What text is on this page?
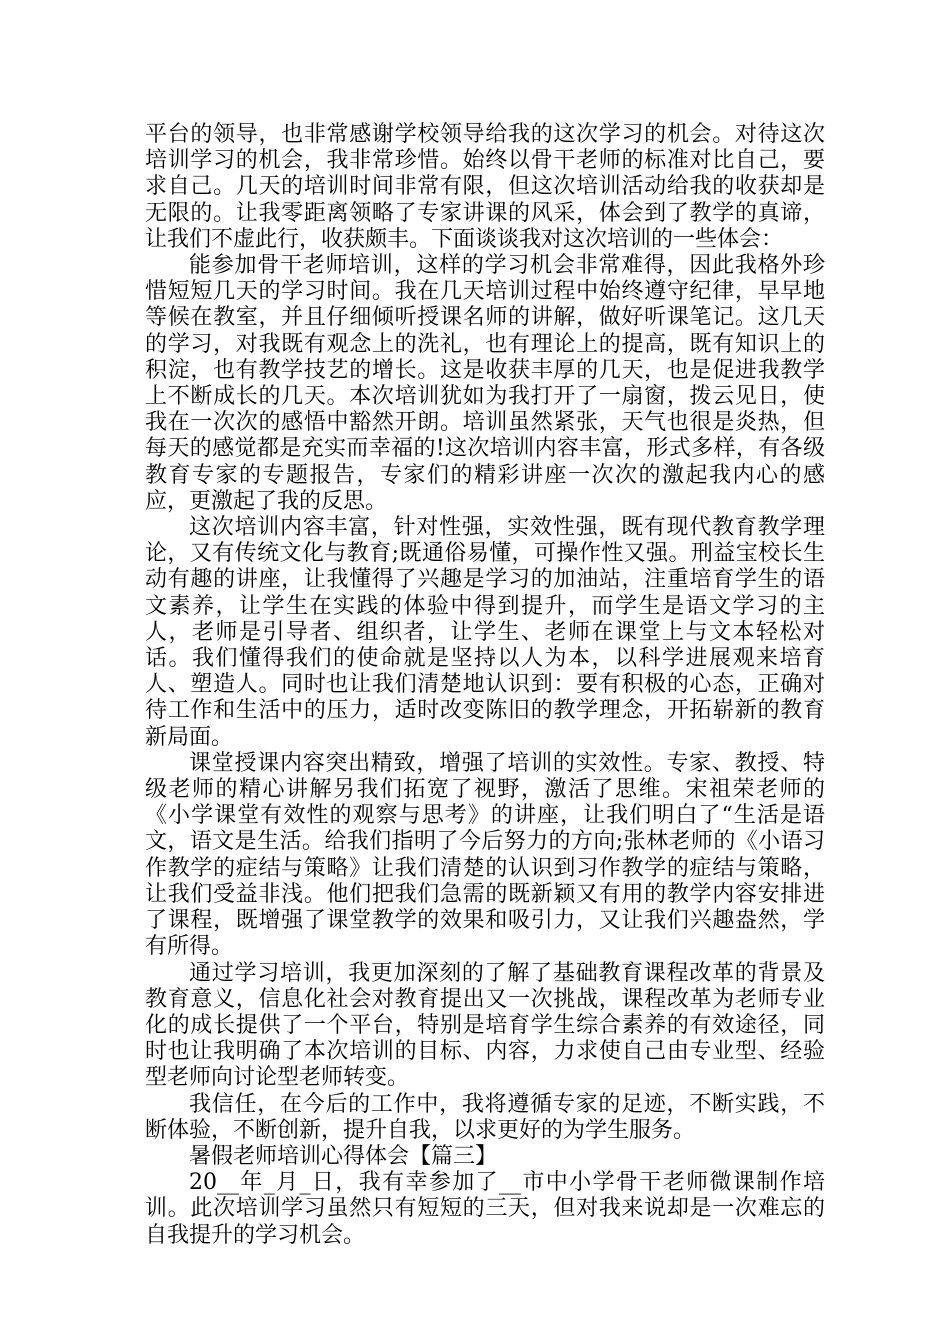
平台的领导，也非常感谢学校领导给我的这次学习的机会。对待这次培训学习的机会，我非常珍惜。始终以骨干老师的标准对比自己，要求自己。几天的培训时间非常有限，但这次培训活动给我的收获却是无限的。让我零距离领略了专家讲课的风采，体会到了教学的真谛，让我们不虚此行，收获颇丰。下面谈谈我对这次培训的一些体会：

能参加骨干老师培训，这样的学习机会非常难得，因此我格外珍惜短短几天的学习时间。我在几天培训过程中始终遵守纪律，早早地等候在教室，并且仔细倾听授课名师的讲解，做好听课笔记。这几天的学习，对我既有观念上的洗礼，也有理论上的提高，既有知识上的积淀，也有教学技艺的增长。这是收获丰厚的几天，也是促进我教学上不断成长的几天。本次培训犹如为我打开了一扇窗，拨云见日，使我在一次次的感悟中豁然开朗。培训虽然紧张，天气也很是炎热，但每天的感觉都是充实而幸福的!这次培训内容丰富，形式多样，有各级教育专家的专题报告，专家们的精彩讲座一次次的激起我内心的感应，更激起了我的反思。

这次培训内容丰富，针对性强，实效性强，既有现代教育教学理论，又有传统文化与教育;既通俗易懂，可操作性又强。刑益宝校长生动有趣的讲座，让我懂得了兴趣是学习的加油站，注重培育学生的语文素养，让学生在实践的体验中得到提升，而学生是语文学习的主人，老师是引导者、组织者，让学生、老师在课堂上与文本轻松对话。我们懂得我们的使命就是坚持以人为本，以科学进展观来培育人、塑造人。同时也让我们清楚地认识到：要有积极的心态，正确对待工作和生活中的压力，适时改变陈旧的教学理念，开拓崭新的教育新局面。

课堂授课内容突出精致，增强了培训的实效性。专家、教授、特级老师的精心讲解另我们拓宽了视野，激活了思维。宋祖荣老师的《小学课堂有效性的观察与思考》的讲座，让我们明白了“生活是语文，语文是生活。给我们指明了今后努力的方向;张林老师的《小语习作教学的症结与策略》让我们清楚的认识到习作教学的症结与策略，让我们受益非浅。他们把我们急需的既新颖又有用的教学内容安排进了课程，既增强了课堂教学的效果和吸引力，又让我们兴趣盎然，学有所得。

通过学习培训，我更加深刻的了解了基础教育课程改革的背景及教育意义，信息化社会对教育提出又一次挑战，课程改革为老师专业化的成长提供了一个平台，特别是培育学生综合素养的有效途径，同时也让我明确了本次培训的目标、内容，力求使自己由专业型、经验型老师向讨论型老师转变。

我信任，在今后的工作中，我将遵循专家的足迹，不断实践，不断体验，不断创新，提升自我，以求更好的为学生服务。

暑假老师培训心得体会【篇三】

20__年_月_日，我有幸参加了__市中小学骨干老师微课制作培训。此次培训学习虽然只有短短的三天，但对我来说却是一次难忘的自我提升的学习机会。
